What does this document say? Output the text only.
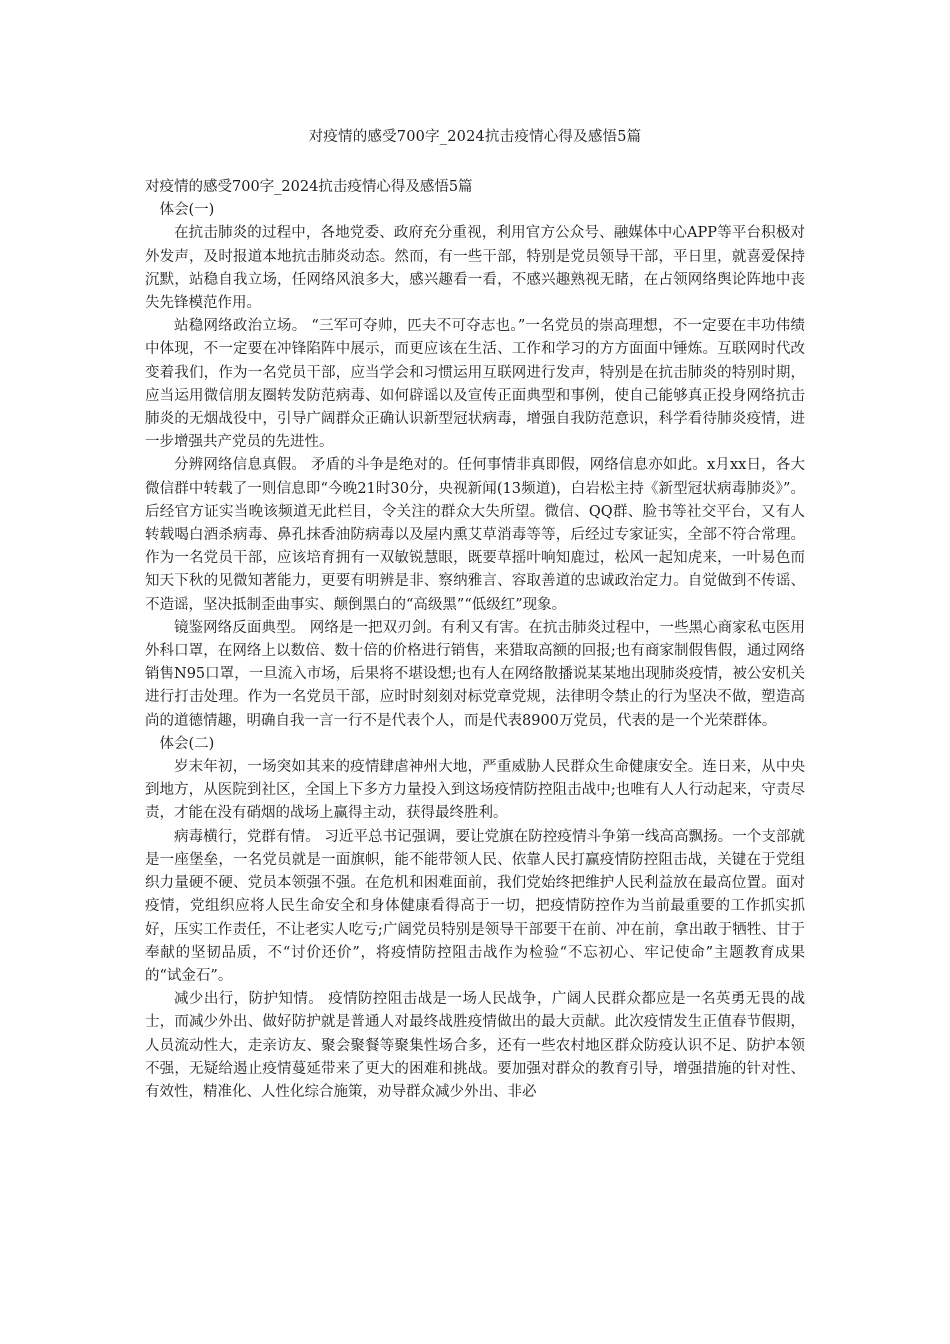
对疫情的感受700字_2024抗击疫情心得及感悟5篇

对疫情的感受700字_2024抗击疫情心得及感悟5篇

体会(一)

在抗击肺炎的过程中，各地党委、政府充分重视，利用官方公众号、融媒体中心APP等平台积极对外发声，及时报道本地抗击肺炎动态。然而，有一些干部，特别是党员领导干部，平日里，就喜爱保持沉默，站稳自我立场，任网络风浪多大，感兴趣看一看，不感兴趣熟视无睹，在占领网络舆论阵地中丧失先锋模范作用。

站稳网络政治立场。 “三军可夺帅，匹夫不可夺志也。”一名党员的崇高理想，不一定要在丰功伟绩中体现，不一定要在冲锋陷阵中展示，而更应该在生活、工作和学习的方方面面中锤炼。互联网时代改变着我们，作为一名党员干部，应当学会和习惯运用互联网进行发声，特别是在抗击肺炎的特别时期，应当运用微信朋友圈转发防范病毒、如何辟谣以及宣传正面典型和事例，使自己能够真正投身网络抗击肺炎的无烟战役中，引导广阔群众正确认识新型冠状病毒，增强自我防范意识，科学看待肺炎疫情，进一步增强共产党员的先进性。

分辨网络信息真假。 矛盾的斗争是绝对的。任何事情非真即假，网络信息亦如此。x月xx日，各大微信群中转载了一则信息即“今晚21时30分，央视新闻(13频道)，白岩松主持《新型冠状病毒肺炎》”。后经官方证实当晚该频道无此栏目，令关注的群众大失所望。微信、QQ群、脸书等社交平台，又有人转载喝白酒杀病毒、鼻孔抹香油防病毒以及屋内熏艾草消毒等等，后经过专家证实，全部不符合常理。作为一名党员干部，应该培育拥有一双敏锐慧眼，既要草摇叶响知鹿过，松风一起知虎来，一叶易色而知天下秋的见微知著能力，更要有明辨是非、察纳雅言、容取善道的忠诚政治定力。自觉做到不传谣、不造谣，坚决抵制歪曲事实、颠倒黑白的“高级黑”“低级红”现象。

镜鉴网络反面典型。 网络是一把双刃剑。有利又有害。在抗击肺炎过程中，一些黑心商家私屯医用外科口罩，在网络上以数倍、数十倍的价格进行销售，来猎取高额的回报;也有商家制假售假，通过网络销售N95口罩，一旦流入市场，后果将不堪设想;也有人在网络散播说某某地出现肺炎疫情，被公安机关进行打击处理。作为一名党员干部，应时时刻刻对标党章党规，法律明令禁止的行为坚决不做，塑造高尚的道德情趣，明确自我一言一行不是代表个人，而是代表8900万党员，代表的是一个光荣群体。

体会(二)

岁末年初，一场突如其来的疫情肆虐神州大地，严重威胁人民群众生命健康安全。连日来，从中央到地方，从医院到社区，全国上下多方力量投入到这场疫情防控阻击战中;也唯有人人行动起来，守责尽责，才能在没有硝烟的战场上赢得主动，获得最终胜利。

病毒横行，党群有情。 习近平总书记强调，要让党旗在防控疫情斗争第一线高高飘扬。一个支部就是一座堡垒，一名党员就是一面旗帜，能不能带领人民、依靠人民打赢疫情防控阻击战，关键在于党组织力量硬不硬、党员本领强不强。在危机和困难面前，我们党始终把维护人民利益放在最高位置。面对疫情，党组织应将人民生命安全和身体健康看得高于一切，把疫情防控作为当前最重要的工作抓实抓好，压实工作责任，不让老实人吃亏;广阔党员特别是领导干部要干在前、冲在前，拿出敢于牺牲、甘于奉献的坚韧品质，不“讨价还价”，将疫情防控阻击战作为检验“不忘初心、牢记使命”主题教育成果的“试金石”。

减少出行，防护知情。 疫情防控阻击战是一场人民战争，广阔人民群众都应是一名英勇无畏的战士，而减少外出、做好防护就是普通人对最终战胜疫情做出的最大贡献。此次疫情发生正值春节假期，人员流动性大，走亲访友、聚会聚餐等聚集性场合多，还有一些农村地区群众防疫认识不足、防护本领不强，无疑给遏止疫情蔓延带来了更大的困难和挑战。要加强对群众的教育引导，增强措施的针对性、有效性，精准化、人性化综合施策，劝导群众减少外出、非必
